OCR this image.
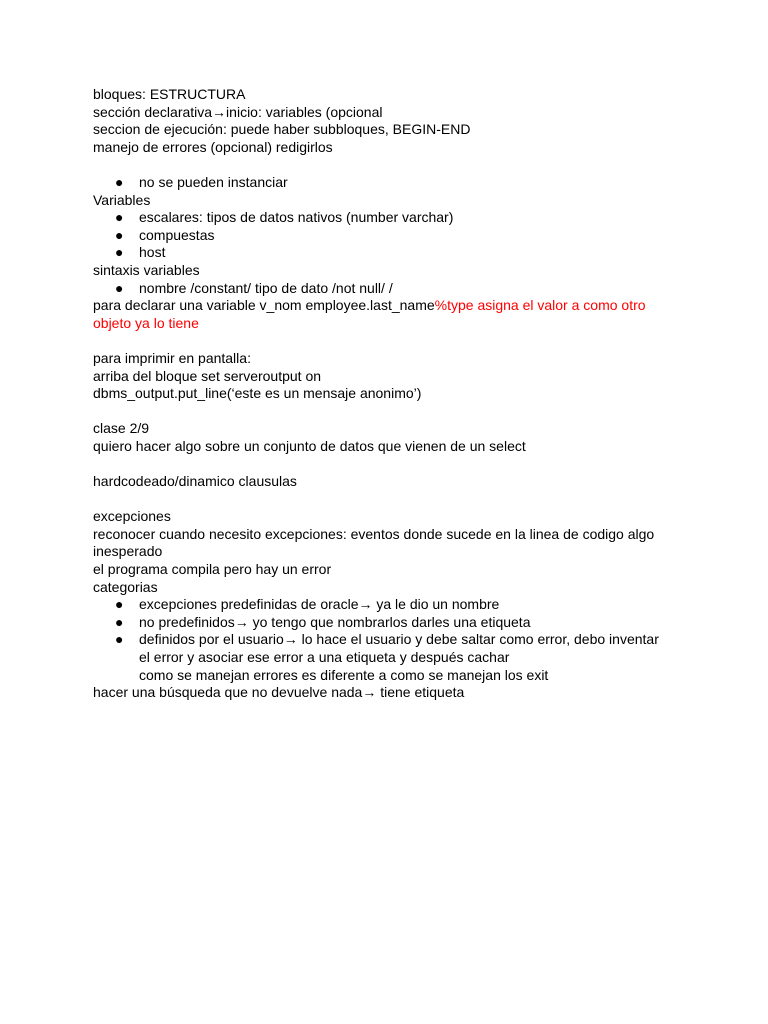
bloques: ESTRUCTURA
sección declarativa→inicio: variables (opcional
seccion de ejecución: puede haber subbloques, BEGIN-END
manejo de errores (opcional) redigirlos
● no se pueden instanciar
Variables
● escalares: tipos de datos nativos (number varchar)
● compuestas
● host
sintaxis variables
● nombre /constant/ tipo de dato /not null/ /
para declarar una variable v_nom employee.last_name%type asigna el valor a como otro
objeto ya lo tiene
para imprimir en pantalla:
arriba del bloque set serveroutput on
dbms_output.put_line(‘este es un mensaje anonimo’)
clase 2/9
quiero hacer algo sobre un conjunto de datos que vienen de un select
hardcodeado/dinamico clausulas
excepciones
reconocer cuando necesito excepciones: eventos donde sucede en la linea de codigo algo
inesperado
el programa compila pero hay un error
categorias
● excepciones predefinidas de oracle→ ya le dio un nombre
● no predefinidos→ yo tengo que nombrarlos darles una etiqueta
● definidos por el usuario→ lo hace el usuario y debe saltar como error, debo inventar
el error y asociar ese error a una etiqueta y después cachar
como se manejan errores es diferente a como se manejan los exit
hacer una búsqueda que no devuelve nada→ tiene etiqueta
